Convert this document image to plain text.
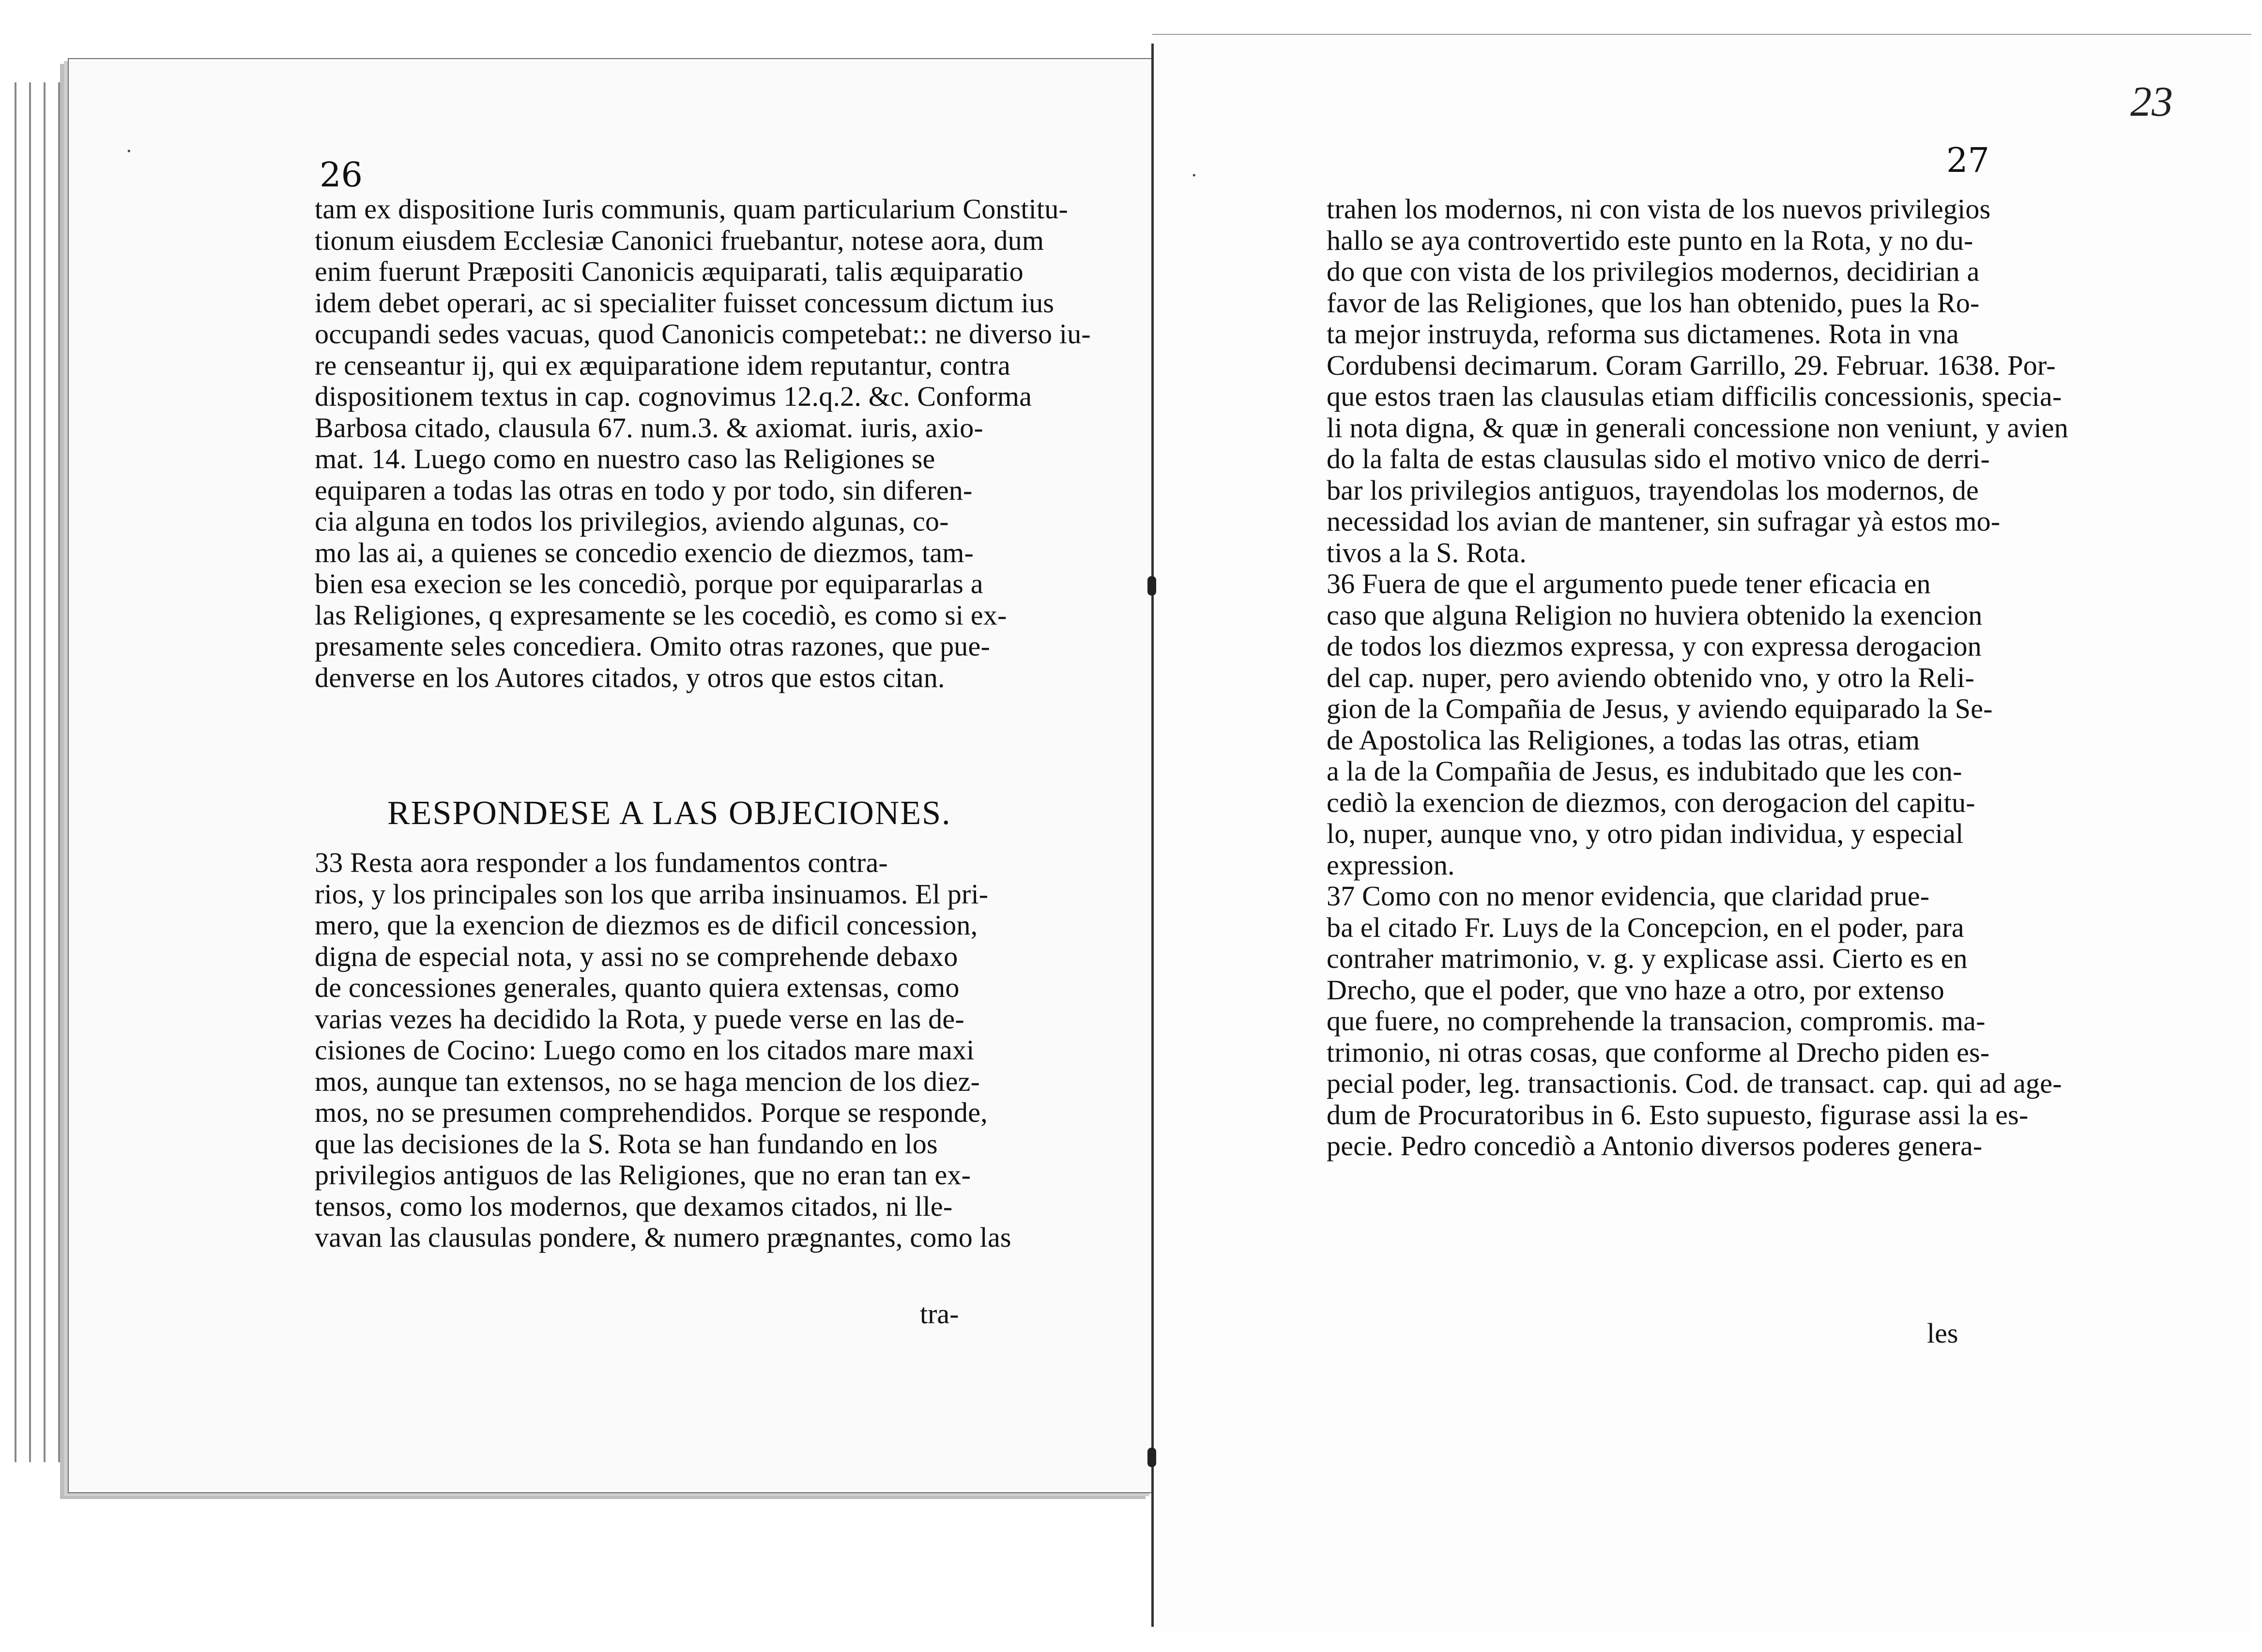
·
·
26
tam ex dispositione Iuris communis, quam particularium Constitu-
tionum eiusdem Ecclesiæ Canonici fruebantur, notese aora, dum
enim fuerunt Præpositi Canonicis æquiparati, talis æquiparatio
idem debet operari, ac si specialiter fuisset concessum dictum ius
occupandi sedes vacuas, quod Canonicis competebat:: ne diverso iu-
re censeantur ij, qui ex æquiparatione idem reputantur, contra
dispositionem textus in cap. cognovimus 12.q.2. &c. Conforma
Barbosa citado, clausula 67. num.3. & axiomat. iuris, axio-
mat. 14. Luego como en nuestro caso las Religiones se
equiparen a todas las otras en todo y por todo, sin diferen-
cia alguna en todos los privilegios, aviendo algunas, co-
mo las ai, a quienes se concedio exencio de diezmos, tam-
bien esa execion se les concediò, porque por equipararlas a
las Religiones, q expresamente se les cocediò, es como si ex-
presamente seles concediera. Omito otras razones, que pue-
denverse en los Autores citados, y otros que estos citan.
RESPONDESE A LAS OBJECIONES.
33 Resta aora responder a los fundamentos contra-
rios, y los principales son los que arriba insinuamos. El pri-
mero, que la exencion de diezmos es de dificil concession,
digna de especial nota, y assi no se comprehende debaxo
de concessiones generales, quanto quiera extensas, como
varias vezes ha decidido la Rota, y puede verse en las de-
cisiones de Cocino: Luego como en los citados mare maxi
mos, aunque tan extensos, no se haga mencion de los diez-
mos, no se presumen comprehendidos. Porque se responde,
que las decisiones de la S. Rota se han fundando en los
privilegios antiguos de las Religiones, que no eran tan ex-
tensos, como los modernos, que dexamos citados, ni lle-
vavan las clausulas pondere, & numero prægnantes, como las
tra-
23
27
trahen los modernos, ni con vista de los nuevos privilegios
hallo se aya controvertido este punto en la Rota, y no du-
do que con vista de los privilegios modernos, decidirian a
favor de las Religiones, que los han obtenido, pues la Ro-
ta mejor instruyda, reforma sus dictamenes. Rota in vna
Cordubensi decimarum. Coram Garrillo, 29. Februar. 1638. Por-
que estos traen las clausulas etiam difficilis concessionis, specia-
li nota digna, & quæ in generali concessione non veniunt, y avien
do la falta de estas clausulas sido el motivo vnico de derri-
bar los privilegios antiguos, trayendolas los modernos, de
necessidad los avian de mantener, sin sufragar yà estos mo-
tivos a la S. Rota.
36 Fuera de que el argumento puede tener eficacia en
caso que alguna Religion no huviera obtenido la exencion
de todos los diezmos expressa, y con expressa derogacion
del cap. nuper, pero aviendo obtenido vno, y otro la Reli-
gion de la Compañia de Jesus, y aviendo equiparado la Se-
de Apostolica las Religiones, a todas las otras, etiam
a la de la Compañia de Jesus, es indubitado que les con-
cediò la exencion de diezmos, con derogacion del capitu-
lo, nuper, aunque vno, y otro pidan individua, y especial
expression.
37 Como con no menor evidencia, que claridad prue-
ba el citado Fr. Luys de la Concepcion, en el poder, para
contraher matrimonio, v. g. y explicase assi. Cierto es en
Drecho, que el poder, que vno haze a otro, por extenso
que fuere, no comprehende la transacion, compromis. ma-
trimonio, ni otras cosas, que conforme al Drecho piden es-
pecial poder, leg. transactionis. Cod. de transact. cap. qui ad age-
dum de Procuratoribus in 6. Esto supuesto, figurase assi la es-
pecie. Pedro concediò a Antonio diversos poderes genera-
les
